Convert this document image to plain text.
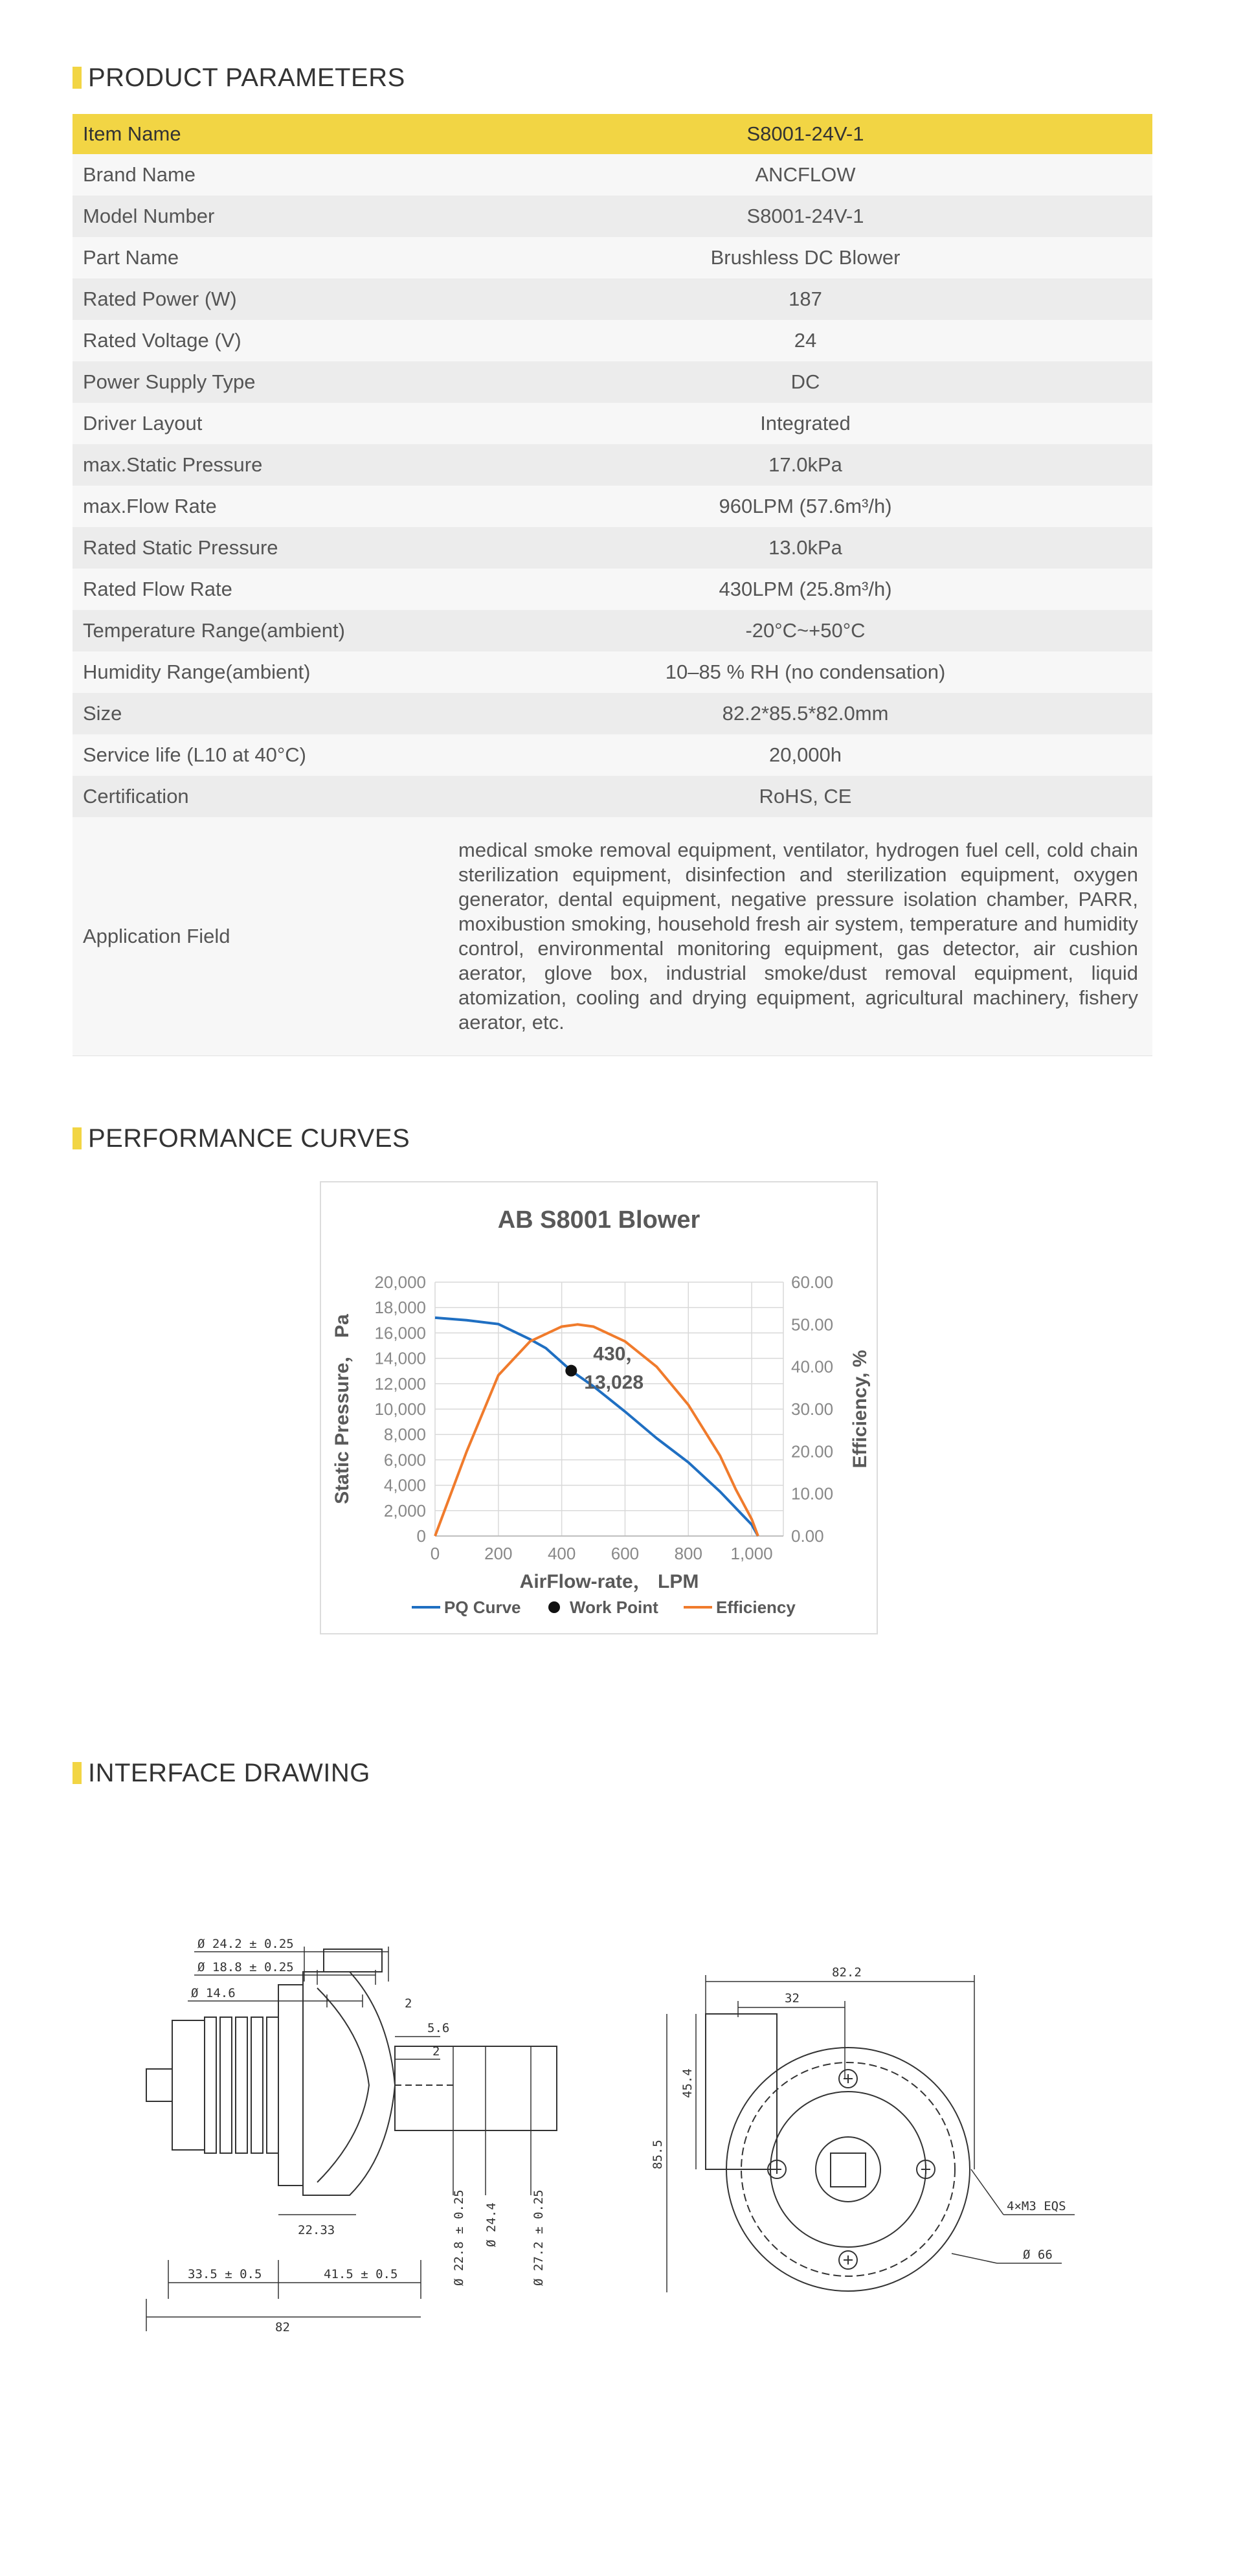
PRODUCT PARAMETERS
Item Name	S8001-24V-1
Brand Name	ANCFLOW
Model Number	S8001-24V-1
Part Name	Brushless DC Blower
Rated Power (W)	187
Rated Voltage (V)	24
Power Supply Type	DC
Driver Layout	Integrated
max.Static Pressure	17.0kPa
max.Flow Rate	960LPM (57.6m³/h)
Rated Static Pressure	13.0kPa
Rated Flow Rate	430LPM (25.8m³/h)
Temperature Range(ambient)	-20°C~+50°C
Humidity Range(ambient)	10–85 % RH (no condensation)
Size	82.2*85.5*82.0mm
Service life (L10 at 40°C)	20,000h
Certification	RoHS, CE
Application Field	medical smoke removal equipment, ventilator, hydrogen fuel cell, cold chain sterilization equipment, disinfection and sterilization equipment, oxygen generator, dental equipment, negative pressure isolation chamber, PARR, moxibustion smoking, household fresh air system, temperature and humidity control, environmental monitoring equipment, gas detector, air cushion aerator, glove box, industrial smoke/dust removal equipment, liquid atomization, cooling and drying equipment, agricultural machinery, fishery aerator, etc.
PERFORMANCE CURVES
AB S8001 Blower
0
2,000
4,000
6,000
8,000
10,000
12,000
14,000
16,000
18,000
20,000
0.00
10.00
20.00
30.00
40.00
50.00
60.00
0	200 400 600 800 1,000
AirFlow-rate， LPM
Static Pressure， Pa	Efficiency, %
430，
13,028
PQ Curve	Work Point	Efficiency
INTERFACE DRAWING
Ø 24.2 ± 0.25
Ø 18.8 ± 0.25
Ø 14.6
2
5.6
2
22.33	Ø 22.8 ± 0.25 Ø 24.4	Ø 27.2 ± 0.25
33.5 ± 0.5	41.5 ± 0.5
82
82.2
32
45.4
85.5
4×M3 EQS
Ø 66
